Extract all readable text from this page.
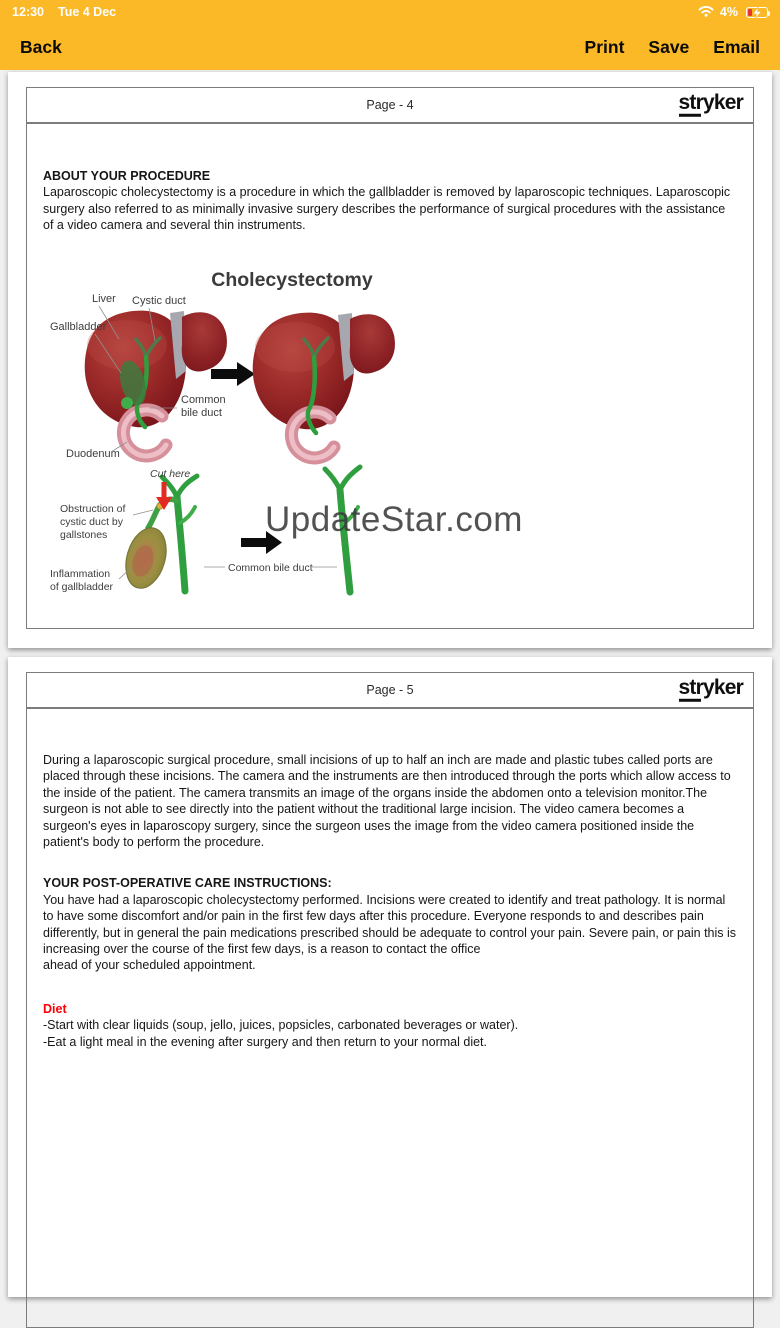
12:30 Tue 4 Dec	4%
Back	Print Save Email
Page - 4	stryker
ABOUT YOUR PROCEDURE
Laparoscopic cholecystectomy is a procedure in which the gallbladder is removed by laparoscopic techniques. Laparoscopic surgery also referred to as minimally invasive surgery describes the performance of surgical procedures with the assistance of a video camera and several thin instruments.
Cholecystectomy
Liver Cystic duct
Gallbladder
Common
bile duct
Duodenum
Cut here
Obstruction of
cystic duct by
gallstones
Inflammation
of gallbladder
Common bile duct
UpdateStar.com
Page - 5	stryker
During a laparoscopic surgical procedure, small incisions of up to half an inch are made and plastic tubes called ports are placed through these incisions. The camera and the instruments are then introduced through the ports which allow access to the inside of the patient. The camera transmits an image of the organs inside the abdomen onto a television monitor.The surgeon is not able to see directly into the patient without the traditional large incision. The video camera becomes a surgeon's eyes in laparoscopy surgery, since the surgeon uses the image from the video camera positioned inside the patient's body to perform the procedure.
YOUR POST-OPERATIVE CARE INSTRUCTIONS:
You have had a laparoscopic cholecystectomy performed. Incisions were created to identify and treat pathology. It is normal to have some discomfort and/or pain in the first few days after this procedure. Everyone responds to and describes pain differently, but in general the pain medications prescribed should be adequate to control your pain. Severe pain, or pain this is increasing over the course of the first few days, is a reason to contact the office
ahead of your scheduled appointment.
Diet
-Start with clear liquids (soup, jello, juices, popsicles, carbonated beverages or water).
-Eat a light meal in the evening after surgery and then return to your normal diet.
